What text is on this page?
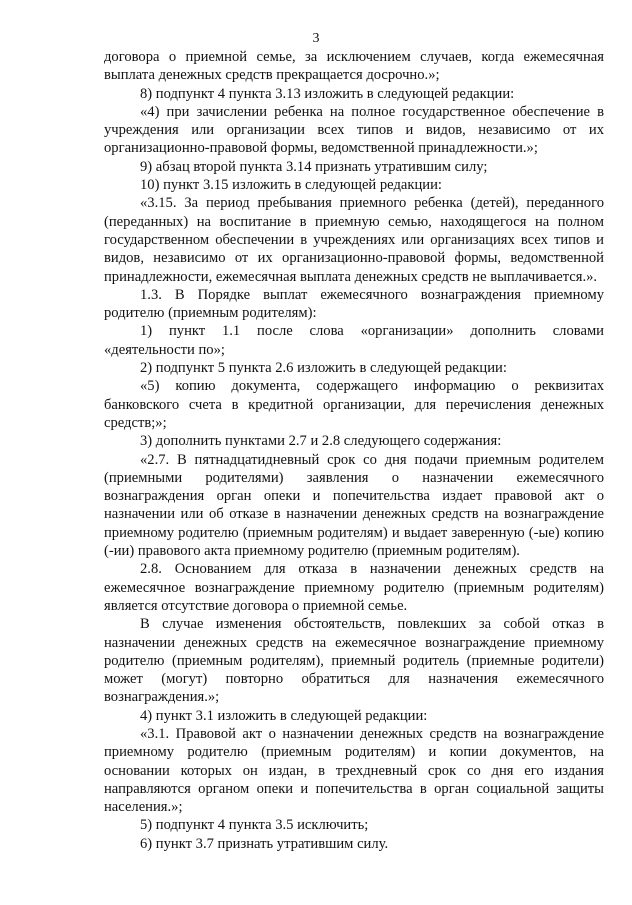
3

договора о приемной семье, за исключением случаев, когда ежемесячная выплата денежных средств прекращается досрочно.»;

8) подпункт 4 пункта 3.13 изложить в следующей редакции:

«4) при зачислении ребенка на полное государственное обеспечение в учреждения или организации всех типов и видов, независимо от их организационно-правовой формы, ведомственной принадлежности.»;

9) абзац второй пункта 3.14 признать утратившим силу;

10) пункт 3.15 изложить в следующей редакции:

«3.15. За период пребывания приемного ребенка (детей), переданного (переданных) на воспитание в приемную семью, находящегося на полном государственном обеспечении в учреждениях или организациях всех типов и видов, независимо от их организационно-правовой формы, ведомственной принадлежности, ежемесячная выплата денежных средств не выплачивается.».

1.3. В Порядке выплат ежемесячного вознаграждения приемному родителю (приемным родителям):

1) пункт 1.1 после слова «организации» дополнить словами «деятельности по»;

2) подпункт 5 пункта 2.6 изложить в следующей редакции:

«5) копию документа, содержащего информацию о реквизитах банковского счета в кредитной организации, для перечисления денежных средств;»;

3) дополнить пунктами 2.7 и 2.8 следующего содержания:

«2.7. В пятнадцатидневный срок со дня подачи приемным родителем (приемными родителями) заявления о назначении ежемесячного вознаграждения орган опеки и попечительства издает правовой акт о назначении или об отказе в назначении денежных средств на вознаграждение приемному родителю (приемным родителям) и выдает заверенную (-ые) копию (-ии) правового акта приемному родителю (приемным родителям).

2.8. Основанием для отказа в назначении денежных средств на ежемесячное вознаграждение приемному родителю (приемным родителям) является отсутствие договора о приемной семье.

В случае изменения обстоятельств, повлекших за собой отказ в назначении денежных средств на ежемесячное вознаграждение приемному родителю (приемным родителям), приемный родитель (приемные родители) может (могут) повторно обратиться для назначения ежемесячного вознаграждения.»;

4) пункт 3.1 изложить в следующей редакции:

«3.1. Правовой акт о назначении денежных средств на вознаграждение приемному родителю (приемным родителям) и копии документов, на основании которых он издан, в трехдневный срок со дня его издания направляются органом опеки и попечительства в орган социальной защиты населения.»;

5) подпункт 4 пункта 3.5 исключить;

6) пункт 3.7 признать утратившим силу.
